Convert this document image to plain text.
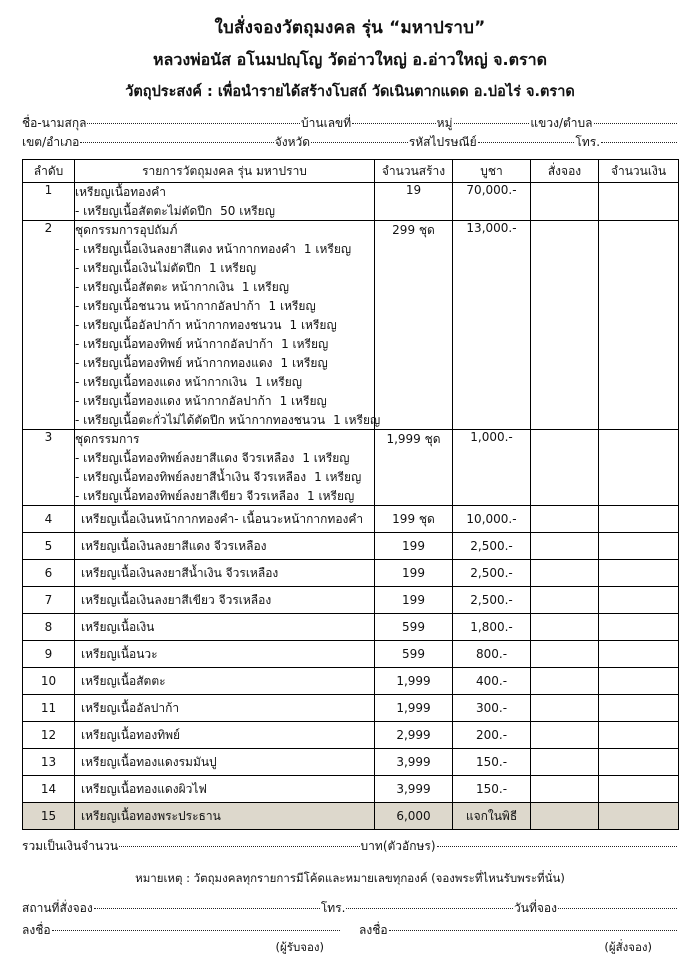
ใบสั่งจองวัตถุมงคล รุ่น “มหาปราบ”
หลวงพ่อนัส อโนมปญฺโญ วัดอ่าวใหญ่ อ.อ่าวใหญ่ จ.ตราด
วัตถุประสงค์ : เพื่อนำรายได้สร้างโบสถ์ วัดเนินตากแดด อ.บ่อไร่ จ.ตราด
ชื่อ-นามสกุล	บ้านเลขที่	หมู่	แขวง/ตำบล
เขต/อำเภอ	จังหวัด	รหัสไปรษณีย์	โทร.
ลำดับ	รายการวัตถุมงคล รุ่น มหาปราบ	จำนวนสร้าง	บูชา	สั่งจอง	จำนวนเงิน
1	เหรียญเนื้อทองคำ
- เหรียญเนื้อสัตตะไม่ตัดปีก 50 เหรียญ	19	70,000.-		
2	ชุดกรรมการอุปถัมภ์
- เหรียญเนื้อเงินลงยาสีแดง หน้ากากทองคำ 1 เหรียญ
- เหรียญเนื้อเงินไม่ตัดปีก 1 เหรียญ
- เหรียญเนื้อสัตตะ หน้ากากเงิน 1 เหรียญ
- เหรียญเนื้อชนวน หน้ากากอัลปาก้า 1 เหรียญ
- เหรียญเนื้ออัลปาก้า หน้ากากทองชนวน 1 เหรียญ
- เหรียญเนื้อทองทิพย์ หน้ากากอัลปาก้า 1 เหรียญ
- เหรียญเนื้อทองทิพย์ หน้ากากทองแดง 1 เหรียญ
- เหรียญเนื้อทองแดง หน้ากากเงิน 1 เหรียญ
- เหรียญเนื้อทองแดง หน้ากากอัลปาก้า 1 เหรียญ
- เหรียญเนื้อตะกั่วไม่ได้ตัดปีก หน้ากากทองชนวน 1 เหรียญ
	299 ชุด	13,000.-		
3	ชุดกรรมการ
- เหรียญเนื้อทองทิพย์ลงยาสีแดง จีวรเหลือง 1 เหรียญ
- เหรียญเนื้อทองทิพย์ลงยาสีน้ำเงิน จีวรเหลือง 1 เหรียญ
- เหรียญเนื้อทองทิพย์ลงยาสีเขียว จีวรเหลือง 1 เหรียญ
	1,999 ชุด	1,000.-		
4	เหรียญเนื้อเงินหน้ากากทองคำ- เนื้อนวะหน้ากากทองคำ	199 ชุด	10,000.-		
5	เหรียญเนื้อเงินลงยาสีแดง จีวรเหลือง	199	2,500.-		
6	เหรียญเนื้อเงินลงยาสีน้ำเงิน จีวรเหลือง	199	2,500.-		
7	เหรียญเนื้อเงินลงยาสีเขียว จีวรเหลือง	199	2,500.-		
8	เหรียญเนื้อเงิน	599	1,800.-		
9	เหรียญเนื้อนวะ	599	800.-		
10	เหรียญเนื้อสัตตะ	1,999	400.-		
11	เหรียญเนื้ออัลปาก้า	1,999	300.-		
12	เหรียญเนื้อทองทิพย์	2,999	200.-		
13	เหรียญเนื้อทองแดงรมมันปู	3,999	150.-		
14	เหรียญเนื้อทองแดงผิวไฟ	3,999	150.-		
15	เหรียญเนื้อทองพระประธาน	6,000	แจกในพิธี		
รวมเป็นเงินจำนวน	บาท(ตัวอักษร)
หมายเหตุ : วัตถุมงคลทุกรายการมีโค้ดและหมายเลขทุกองค์ (จองพระที่ไหนรับพระที่นั่น)
สถานที่สั่งจอง	โทร.	วันที่จอง
ลงชื่อ	ลงชื่อ
(ผู้รับจอง)	(ผู้สั่งจอง)
